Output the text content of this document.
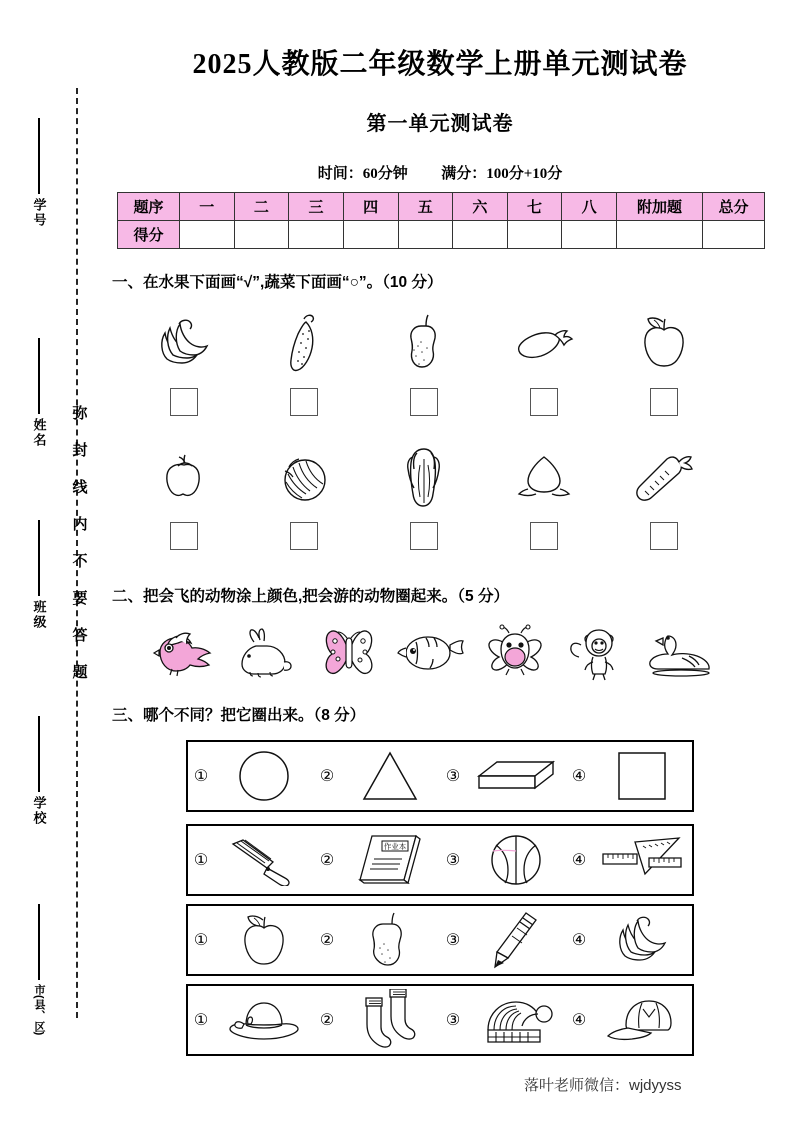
学号
姓名
班级
学校
市(县、区)
弥封线内不要答题
2025人教版二年级数学上册单元测试卷
第一单元测试卷
时间：60分钟 满分：100分+10分
题序	一	二	三	四	五	六	七	八	附加题	总分
得分										
一、在水果下面画“√”,蔬菜下面画“○”。（10 分）
二、把会飞的动物涂上颜色,把会游的动物圈起来。（5 分）
三、哪个不同？把它圈出来。（8 分）
①	②	③	④
①	②
作业本
③	④
①	②	③	④
①	②	③	④
落叶老师微信：wjdyyss
